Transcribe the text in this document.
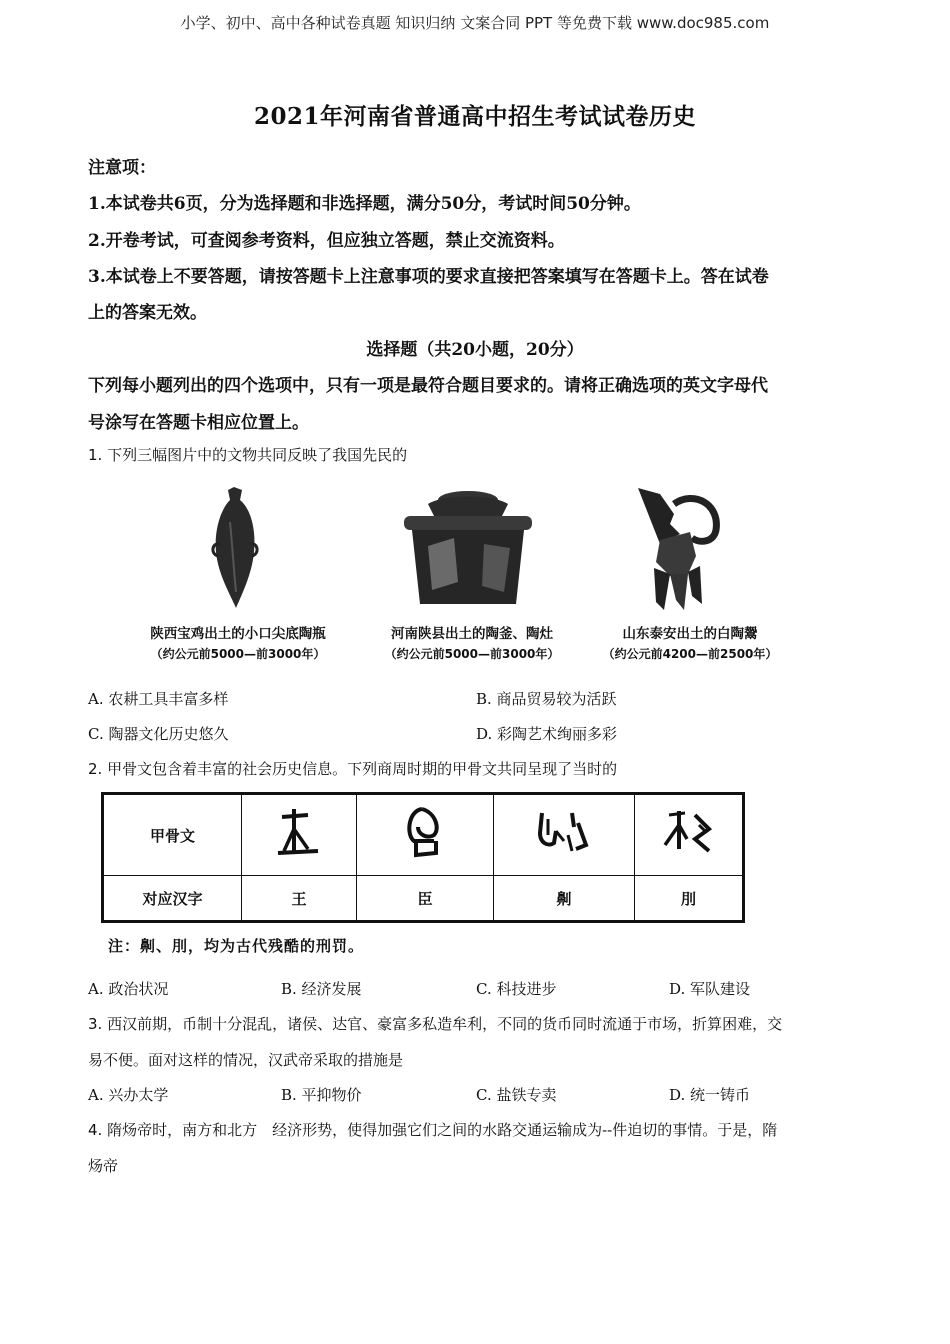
小学、初中、高中各种试卷真题 知识归纳 文案合同 PPT 等免费下载 www.doc985.com
2021年河南省普通高中招生考试试卷历史
注意项：
1.本试卷共6页，分为选择题和非选择题，满分50分，考试时间50分钟。
2.开卷考试，可查阅参考资料，但应独立答题，禁止交流资料。
3.本试卷上不要答题，请按答题卡上注意事项的要求直接把答案填写在答题卡上。答在试卷
上的答案无效。
选择题（共20小题，20分）
下列每小题列出的四个选项中，只有一项是最符合题目要求的。请将正确选项的英文字母代
号涂写在答题卡相应位置上。
1. 下列三幅图片中的文物共同反映了我国先民的
陕西宝鸡出土的小口尖底陶瓶
（约公元前5000—前3000年）
河南陕县出土的陶釜、陶灶
（约公元前5000—前3000年）
山东泰安出土的白陶鬶
（约公元前4200—前2500年）
A. 农耕工具丰富多样	B. 商品贸易较为活跃
C. 陶器文化历史悠久	D. 彩陶艺术绚丽多彩
2. 甲骨文包含着丰富的社会历史信息。下列商周时期的甲骨文共同呈现了当时的
甲骨文				
对应汉字	王	臣	劓	刖
注：劓、刖，均为古代残酷的刑罚。
A. 政治状况	B. 经济发展	C. 科技进步	D. 军队建设
3. 西汉前期，币制十分混乱，诸侯、达官、豪富多私造牟利，不同的货币同时流通于市场，折算困难，交
易不便。面对这样的情况，汉武帝采取的措施是
A. 兴办太学	B. 平抑物价	C. 盐铁专卖	D. 统一铸币
4. 隋炀帝时，南方和北方　经济形势，使得加强它们之间的水路交通运输成为--件迫切的事情。于是，隋
炀帝
